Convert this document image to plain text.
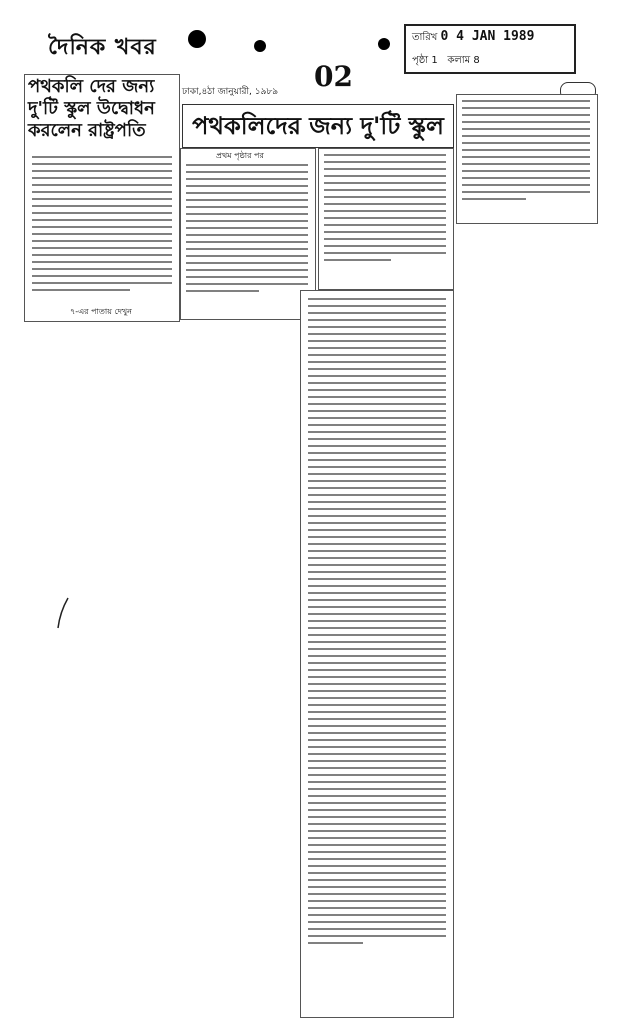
দৈনিক খবর	তারিখ 0 4 JAN 1989
পৃষ্ঠা 1 কলাম 8
02
পথকলি দের জন্য
দু'টি স্কুল উদ্বোধন
করলেন রাষ্ট্রপতি
৭-এর পাতায় দেখুন
ঢাকা,৪ঠা জানুয়ারী, ১৯৮৯
পথকলিদের জন্য দু'টি স্কুল
প্রথম পৃষ্ঠার পর
